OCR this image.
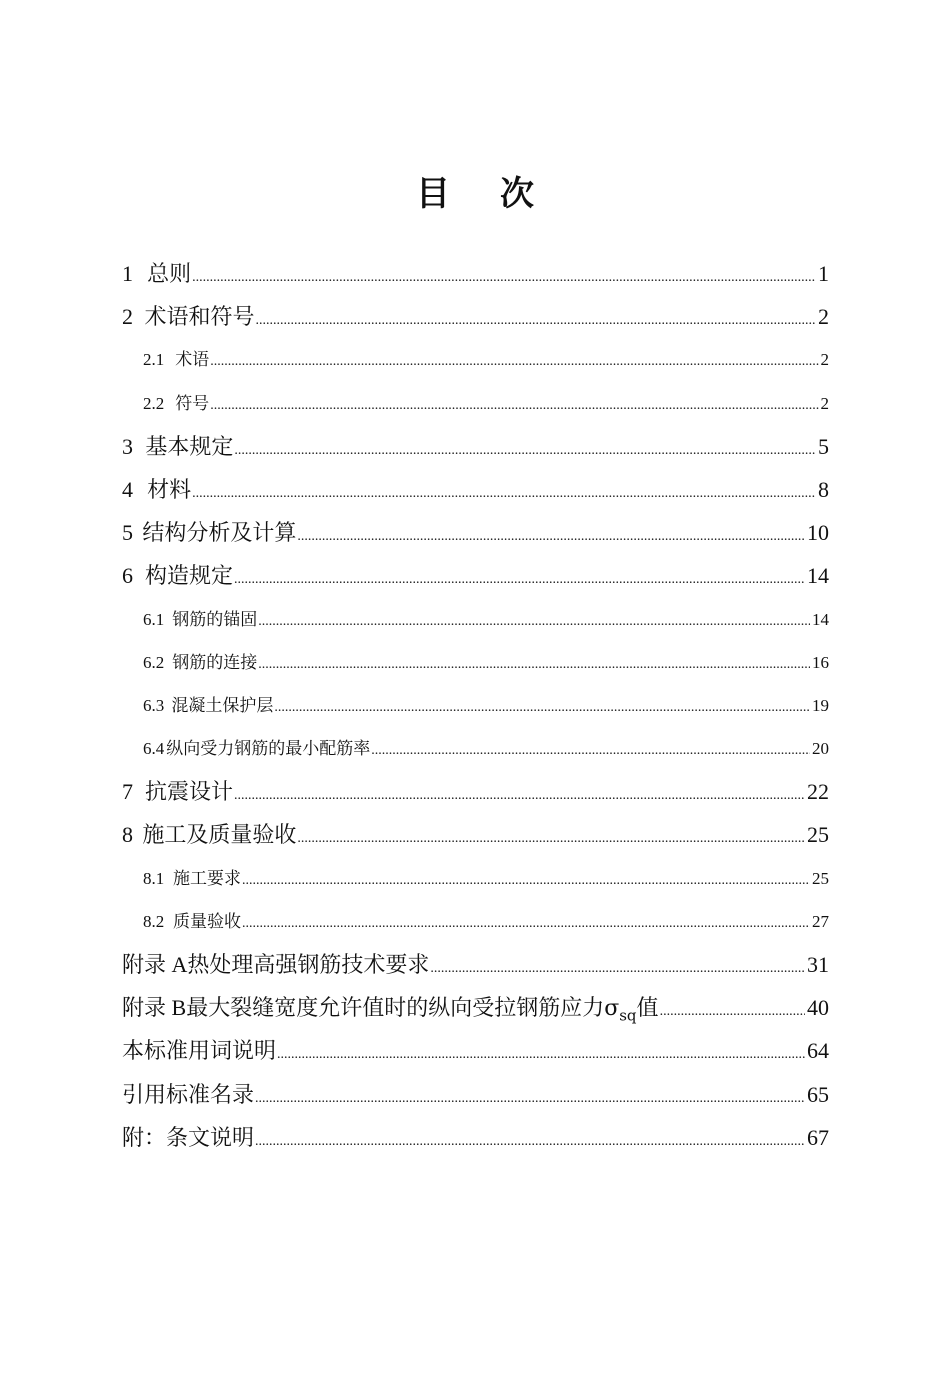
目 次
1 总则 .....	1
2 术语和符号 .....	2
2.1 术语 .....	2
2.2 符号 .....	2
3 基本规定 .....	5
4 材料 .....	8
5 结构分析及计算 .....	10
6 构造规定 .....	14
6.1 钢筋的锚固 .....	14
6.2 钢筋的连接 .....	16
6.3 混凝土保护层 .....	19
6.4 纵向受力钢筋的最小配筋率 .....	20
7 抗震设计 .....	22
8 施工及质量验收 .....	25
8.1 施工要求 .....	25
8.2 质量验收 .....	27
附录 A 热处理高强钢筋技术要求 .....	31
附录 B 最大裂缝宽度允许值时的纵向受拉钢筋应力$\sigma_{sq}$值 .....	40
本标准用词说明 .....	64
引用标准名录 .....	65
附：条文说明 .....	67
